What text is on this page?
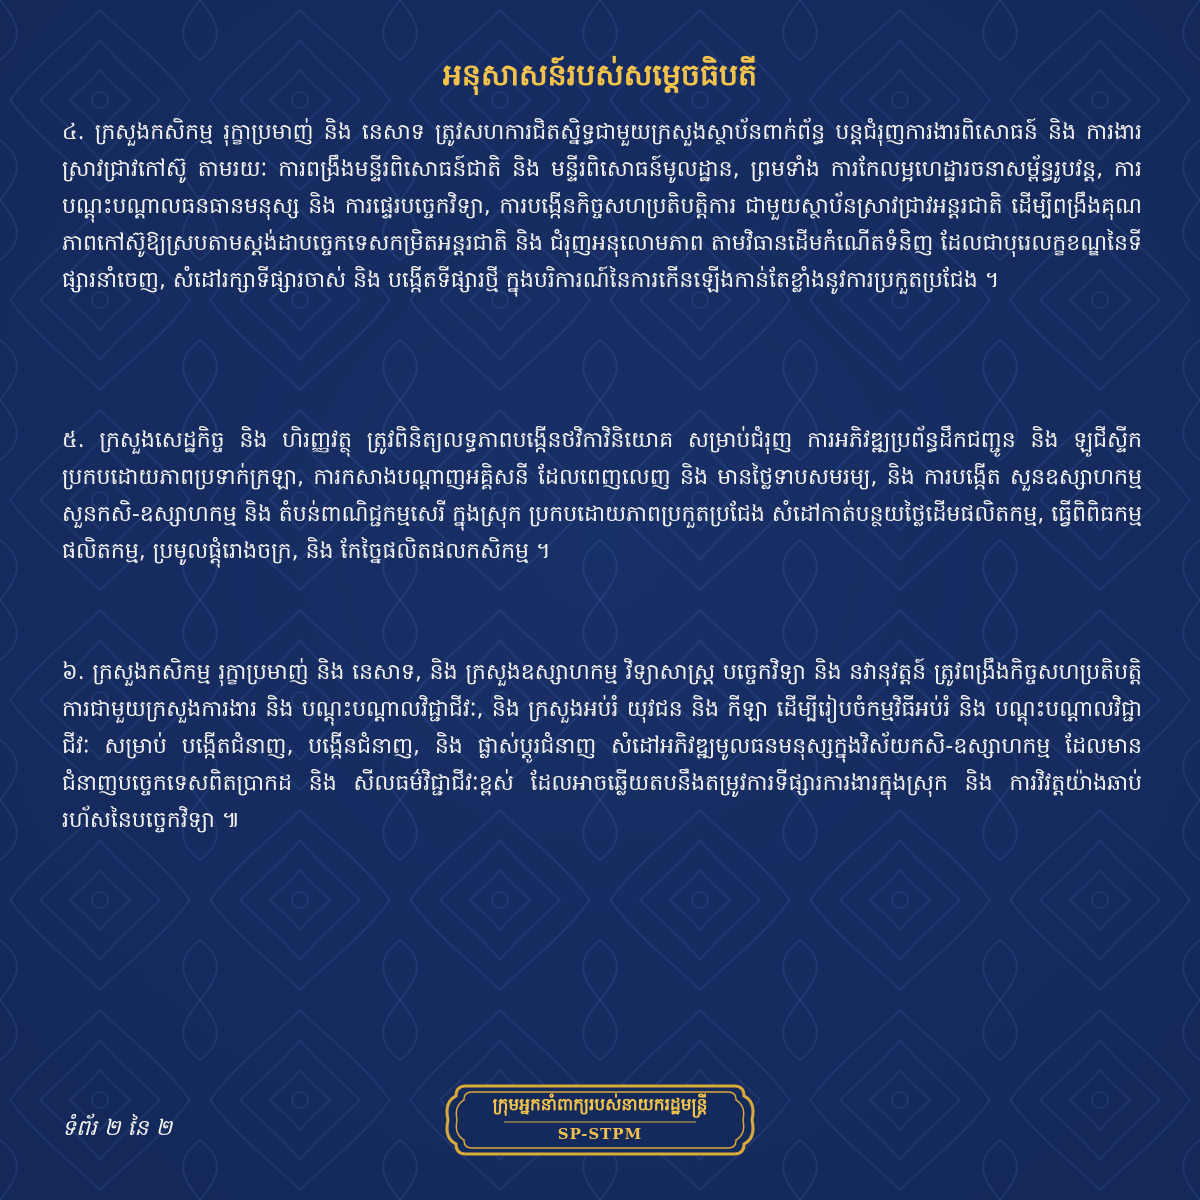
អនុសាសន៍របស់សម្ដេចធិបតី

៤. ក្រសួងកសិកម្ម រុក្ខាប្រមាញ់ និង នេសាទ ត្រូវសហការជិតស្និទ្ធជាមួយក្រសួងស្ថាប័នពាក់ព័ន្ធ បន្តជំរុញការងារពិសោធន៍ និង ការងារស្រាវជ្រាវកៅស៊ូ តាមរយៈ ការពង្រឹងមន្ទីរពិសោធន៍ជាតិ និង មន្ទីរពិសោធន៍មូលដ្ឋាន, ព្រមទាំង ការកែលម្អហេដ្ឋារចនាសម្ព័ន្ធរូបវន្ត, ការបណ្តុះបណ្តាលធនធានមនុស្ស និង ការផ្ទេរបច្ចេកវិទ្យា, ការបង្កើនកិច្ចសហប្រតិបត្តិការ ជាមួយស្ថាប័នស្រាវជ្រាវអន្តរជាតិ ដើម្បីពង្រឹងគុណភាពកៅស៊ូឱ្យស្របតាមស្តង់ដាបច្ចេកទេសកម្រិតអន្តរជាតិ និង ជំរុញអនុលោមភាព តាមវិធានដើមកំណើតទំនិញ ដែលជាបុរេលក្ខខណ្ឌនៃទីផ្សារនាំចេញ, សំដៅរក្សាទីផ្សារចាស់ និង បង្កើតទីផ្សារថ្មី ក្នុងបរិការណ៍នៃការកើនឡើងកាន់តែខ្លាំងនូវការប្រកួតប្រជែង ។

៥. ក្រសួងសេដ្ឋកិច្ច និង ហិរញ្ញវត្ថុ ត្រូវពិនិត្យលទ្ធភាពបង្កើនថវិកាវិនិយោគ សម្រាប់ជំរុញ ការអភិវឌ្ឍប្រព័ន្ធដឹកជញ្ជូន និង ឡូជីស្ទីក ប្រកបដោយភាពប្រទាក់ក្រឡា, ការកសាងបណ្តាញអគ្គិសនី ដែលពេញលេញ និង មានថ្លៃទាបសមរម្យ, និង ការបង្កើត សួនឧស្សាហកម្ម សួនកសិ-ឧស្សាហកម្ម និង តំបន់ពាណិជ្ជកម្មសេរី ក្នុងស្រុក ប្រកបដោយភាពប្រកួតប្រជែង សំដៅកាត់បន្ថយថ្លៃដើមផលិតកម្ម, ធ្វើពិពិធកម្មផលិតកម្ម, ប្រមូលផ្តុំរោងចក្រ, និង កែច្នៃផលិតផលកសិកម្ម ។

៦. ក្រសួងកសិកម្ម រុក្ខាប្រមាញ់ និង នេសាទ, និង ក្រសួងឧស្សាហកម្ម វិទ្យាសាស្ត្រ បច្ចេកវិទ្យា និង នវានុវត្តន៍ ត្រូវពង្រឹងកិច្ចសហប្រតិបត្តិការជាមួយក្រសួងការងារ និង បណ្តុះបណ្តាលវិជ្ជាជីវៈ, និង ក្រសួងអប់រំ យុវជន និង កីឡា ដើម្បីរៀបចំកម្មវិធីអប់រំ និង បណ្តុះបណ្តាលវិជ្ជាជីវៈ សម្រាប់ បង្កើតជំនាញ, បង្កើនជំនាញ, និង ផ្លាស់ប្តូរជំនាញ សំដៅអភិវឌ្ឍមូលធនមនុស្សក្នុងវិស័យកសិ-ឧស្សាហកម្ម ដែលមានជំនាញបច្ចេកទេសពិតប្រាកដ និង សីលធម៌វិជ្ជាជីវៈខ្ពស់ ដែលអាចឆ្លើយតបនឹងតម្រូវការទីផ្សារការងារក្នុងស្រុក និង ការវិវត្តយ៉ាងឆាប់រហ័សនៃបច្ចេកវិទ្យា ៕

ទំព័រ ២ នៃ ២
ក្រុមអ្នកនាំពាក្យរបស់នាយករដ្ឋមន្ត្រី
SP-STPM
